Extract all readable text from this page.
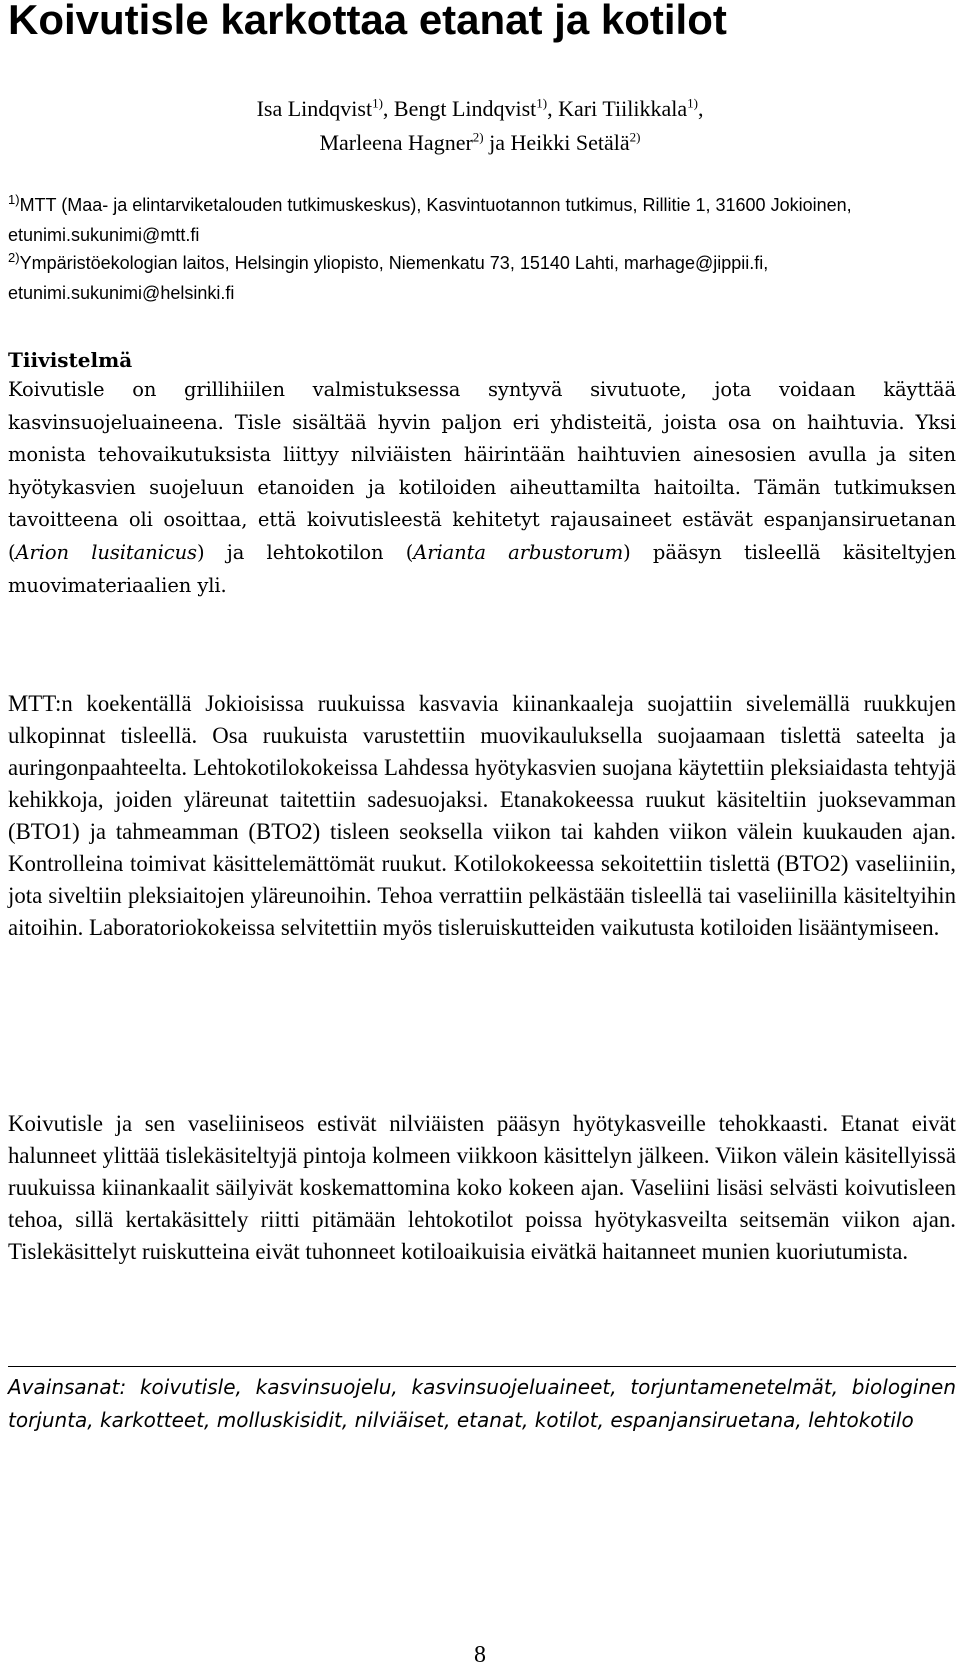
Koivutisle karkottaa etanat ja kotilot
Isa Lindqvist$^{1)}$, Bengt Lindqvist$^{1)}$, Kari Tiilikkala$^{1)}$,
Marleena Hagner$^{2)}$ ja Heikki Setälä$^{2)}$
$^{1)}$MTT (Maa- ja elintarviketalouden tutkimuskeskus), Kasvintuotannon tutkimus, Rillitie 1, 31600 Jokioinen, etunimi.sukunimi@mtt.fi
$^{2)}$Ympäristöekologian laitos, Helsingin yliopisto, Niemenkatu 73, 15140 Lahti, marhage@jippii.fi, etunimi.sukunimi@helsinki.fi
Tiivistelmä

Koivutisle on grillihiilen valmistuksessa syntyvä sivutuote, jota voidaan käyttää kasvinsuojeluaineena. Tisle sisältää hyvin paljon eri yhdisteitä, joista osa on haihtuvia. Yksi monista tehovaikutuksista liittyy nilviäisten häirintään haihtuvien ainesosien avulla ja siten hyötykasvien suojeluun etanoiden ja kotiloiden aiheuttamilta haitoilta. Tämän tutkimuksen tavoitteena oli osoittaa, että koivutisleestä kehitetyt rajausaineet estävät espanjansiruetanan (Arion lusitanicus) ja lehtokotilon (Arianta arbustorum) pääsyn tisleellä käsiteltyjen muovimateriaalien yli.

MTT:n koekentällä Jokioisissa ruukuissa kasvavia kiinankaaleja suojattiin sivelemällä ruukkujen ulkopinnat tisleellä. Osa ruukuista varustettiin muovikauluksella suojaamaan tislettä sateelta ja auringonpaahteelta. Lehtokotilokokeissa Lahdessa hyötykasvien suojana käytettiin pleksiaidasta tehtyjä kehikkoja, joiden yläreunat taitettiin sadesuojaksi. Etanakokeessa ruukut käsiteltiin juoksevamman (BTO1) ja tahmeamman (BTO2) tisleen seoksella viikon tai kahden viikon välein kuukauden ajan. Kontrolleina toimivat käsittelemättömät ruukut. Kotilokokeessa sekoitettiin tislettä (BTO2) vaseliiniin, jota siveltiin pleksiaitojen yläreunoihin. Tehoa verrattiin pelkästään tisleellä tai vaseliinilla käsiteltyihin aitoihin. Laboratoriokokeissa selvitettiin myös tisleruiskutteiden vaikutusta kotiloiden lisääntymiseen.

Koivutisle ja sen vaseliiniseos estivät nilviäisten pääsyn hyötykasveille tehokkaasti. Etanat eivät halunneet ylittää tislekäsiteltyjä pintoja kolmeen viikkoon käsittelyn jälkeen. Viikon välein käsitellyissä ruukuissa kiinankaalit säilyivät koskemattomina koko kokeen ajan. Vaseliini lisäsi selvästi koivutisleen tehoa, sillä kertakäsittely riitti pitämään lehtokotilot poissa hyötykasveilta seitsemän viikon ajan. Tislekäsittelyt ruiskutteina eivät tuhonneet kotiloaikuisia eivätkä haitanneet munien kuoriutumista.

Avainsanat: koivutisle, kasvinsuojelu, kasvinsuojeluaineet, torjuntamenetelmät, biologinen torjunta, karkotteet, molluskisidit, nilviäiset, etanat, kotilot, espanjansiruetana, lehtokotilo

8
